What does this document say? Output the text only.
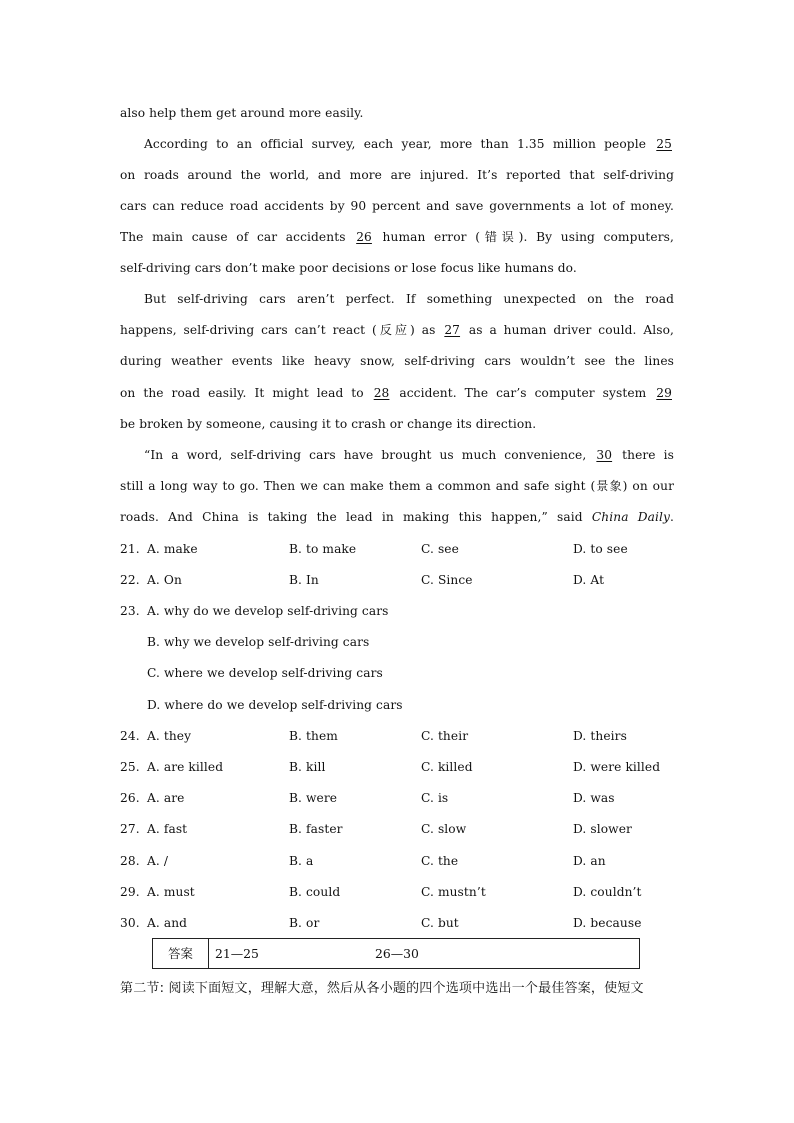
also help them get around more easily.
According to an official survey, each year, more than 1.35 million people 25
on roads around the world, and more are injured. It’s reported that self-driving
cars can reduce road accidents by 90 percent and save governments a lot of money.
The main cause of car accidents 26 human error (错误). By using computers,
self-driving cars don’t make poor decisions or lose focus like humans do.
But self-driving cars aren’t perfect. If something unexpected on the road
happens, self-driving cars can’t react (反应) as 27 as a human driver could. Also,
during weather events like heavy snow, self-driving cars wouldn’t see the lines
on the road easily. It might lead to 28 accident. The car’s computer system 29
be broken by someone, causing it to crash or change its direction.
“In a word, self-driving cars have brought us much convenience, 30 there is
still a long way to go. Then we can make them a common and safe sight (景象) on our
roads. And China is taking the lead in making this happen,” said China Daily.
21. A. make	B. to make	C. see	D. to see
22. A. On	B. In	C. Since	D. At
23. A. why do we develop self-driving cars
B. why we develop self-driving cars
C. where we develop self-driving cars
D. where do we develop self-driving cars
24. A. they	B. them	C. their	D. theirs
25. A. are killed	B. kill	C. killed	D. were killed
26. A. are	B. were	C. is	D. was
27. A. fast	B. faster	C. slow	D. slower
28. A. /	B. a	C. the	D. an
29. A. must	B. could	C. mustn’t	D. couldn’t
30. A. and	B. or	C. but	D. because
答案	21—25	26—30
第二节: 阅读下面短文，理解大意，然后从各小题的四个选项中选出一个最佳答案，使短文
